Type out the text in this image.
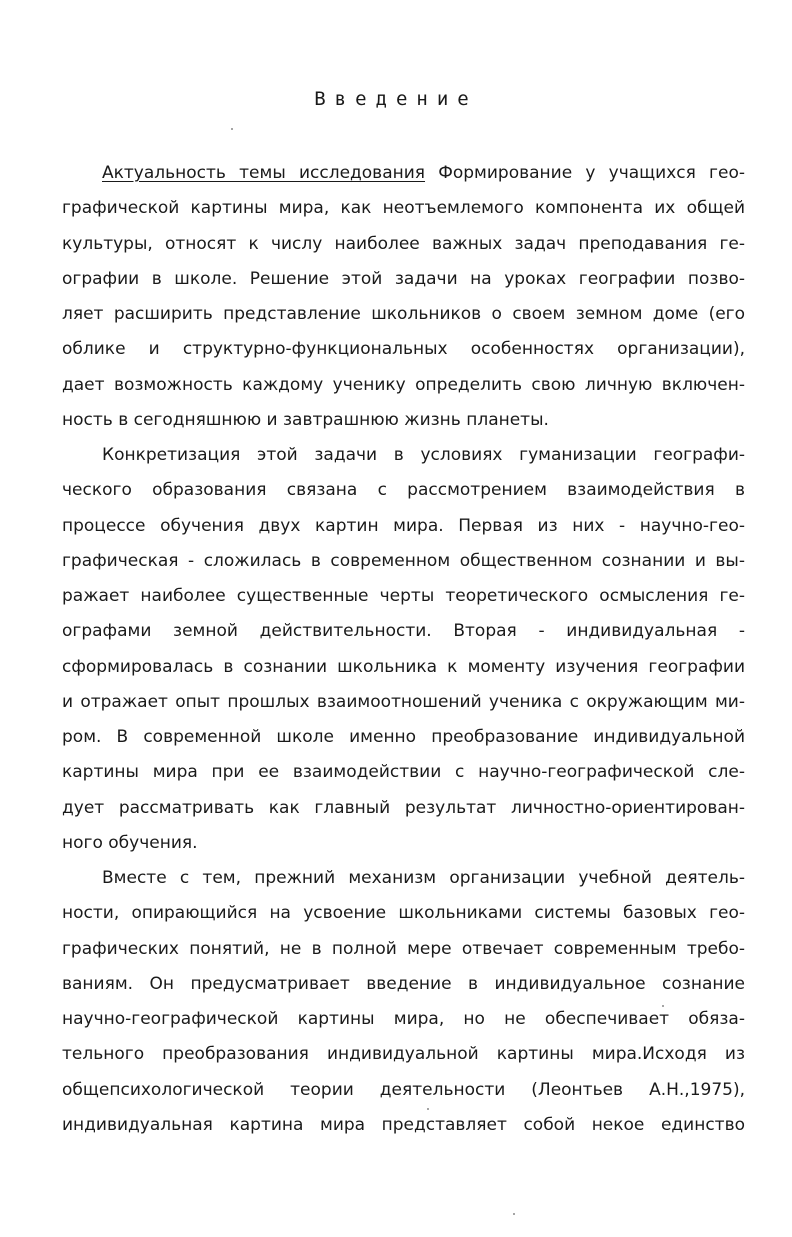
Введение
Актуальность темы исследования Формирование у учащихся гео-
графической картины мира, как неотъемлемого компонента их общей
культуры, относят к числу наиболее важных задач преподавания ге-
ографии в школе. Решение этой задачи на уроках географии позво-
ляет расширить представление школьников о своем земном доме (его
облике и структурно-функциональных особенностях организации),
дает возможность каждому ученику определить свою личную включен-
ность в сегодняшнюю и завтрашнюю жизнь планеты.
Конкретизация этой задачи в условиях гуманизации географи-
ческого образования связана с рассмотрением взаимодействия в
процессе обучения двух картин мира. Первая из них - научно-гео-
графическая - сложилась в современном общественном сознании и вы-
ражает наиболее существенные черты теоретического осмысления ге-
ографами земной действительности. Вторая - индивидуальная -
сформировалась в сознании школьника к моменту изучения географии
и отражает опыт прошлых взаимоотношений ученика с окружающим ми-
ром. В современной школе именно преобразование индивидуальной
картины мира при ее взаимодействии с научно-географической сле-
дует рассматривать как главный результат личностно-ориентирован-
ного обучения.
Вместе с тем, прежний механизм организации учебной деятель-
ности, опирающийся на усвоение школьниками системы базовых гео-
графических понятий, не в полной мере отвечает современным требо-
ваниям. Он предусматривает введение в индивидуальное сознание
научно-географической картины мира, но не обеспечивает обяза-
тельного преобразования индивидуальной картины мира.Исходя из
общепсихологической теории деятельности (Леонтьев А.Н.,1975),
индивидуальная картина мира представляет собой некое единство
